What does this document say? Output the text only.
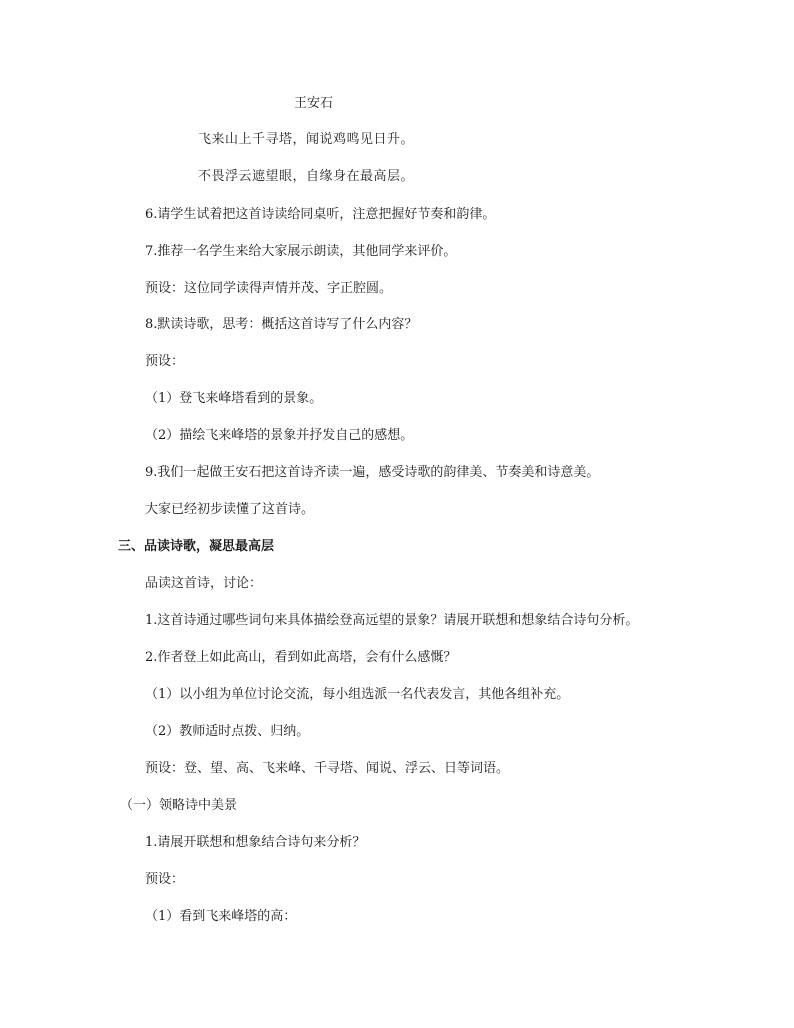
王安石
飞来山上千寻塔，闻说鸡鸣见日升。
不畏浮云遮望眼，自缘身在最高层。
6.请学生试着把这首诗读给同桌听，注意把握好节奏和韵律。
7.推荐一名学生来给大家展示朗读，其他同学来评价。
预设：这位同学读得声情并茂、字正腔圆。
8.默读诗歌，思考：概括这首诗写了什么内容？
预设：
（1）登飞来峰塔看到的景象。
（2）描绘飞来峰塔的景象并抒发自己的感想。
9.我们一起做王安石把这首诗齐读一遍，感受诗歌的韵律美、节奏美和诗意美。
大家已经初步读懂了这首诗。
三、品读诗歌，凝思最高层
品读这首诗，讨论：
1.这首诗通过哪些词句来具体描绘登高远望的景象？请展开联想和想象结合诗句分析。
2.作者登上如此高山，看到如此高塔，会有什么感慨？
（1）以小组为单位讨论交流，每小组选派一名代表发言，其他各组补充。
（2）教师适时点拨、归纳。
预设：登、望、高、飞来峰、千寻塔、闻说、浮云、日等词语。
（一）领略诗中美景
1.请展开联想和想象结合诗句来分析？
预设：
（1）看到飞来峰塔的高：
